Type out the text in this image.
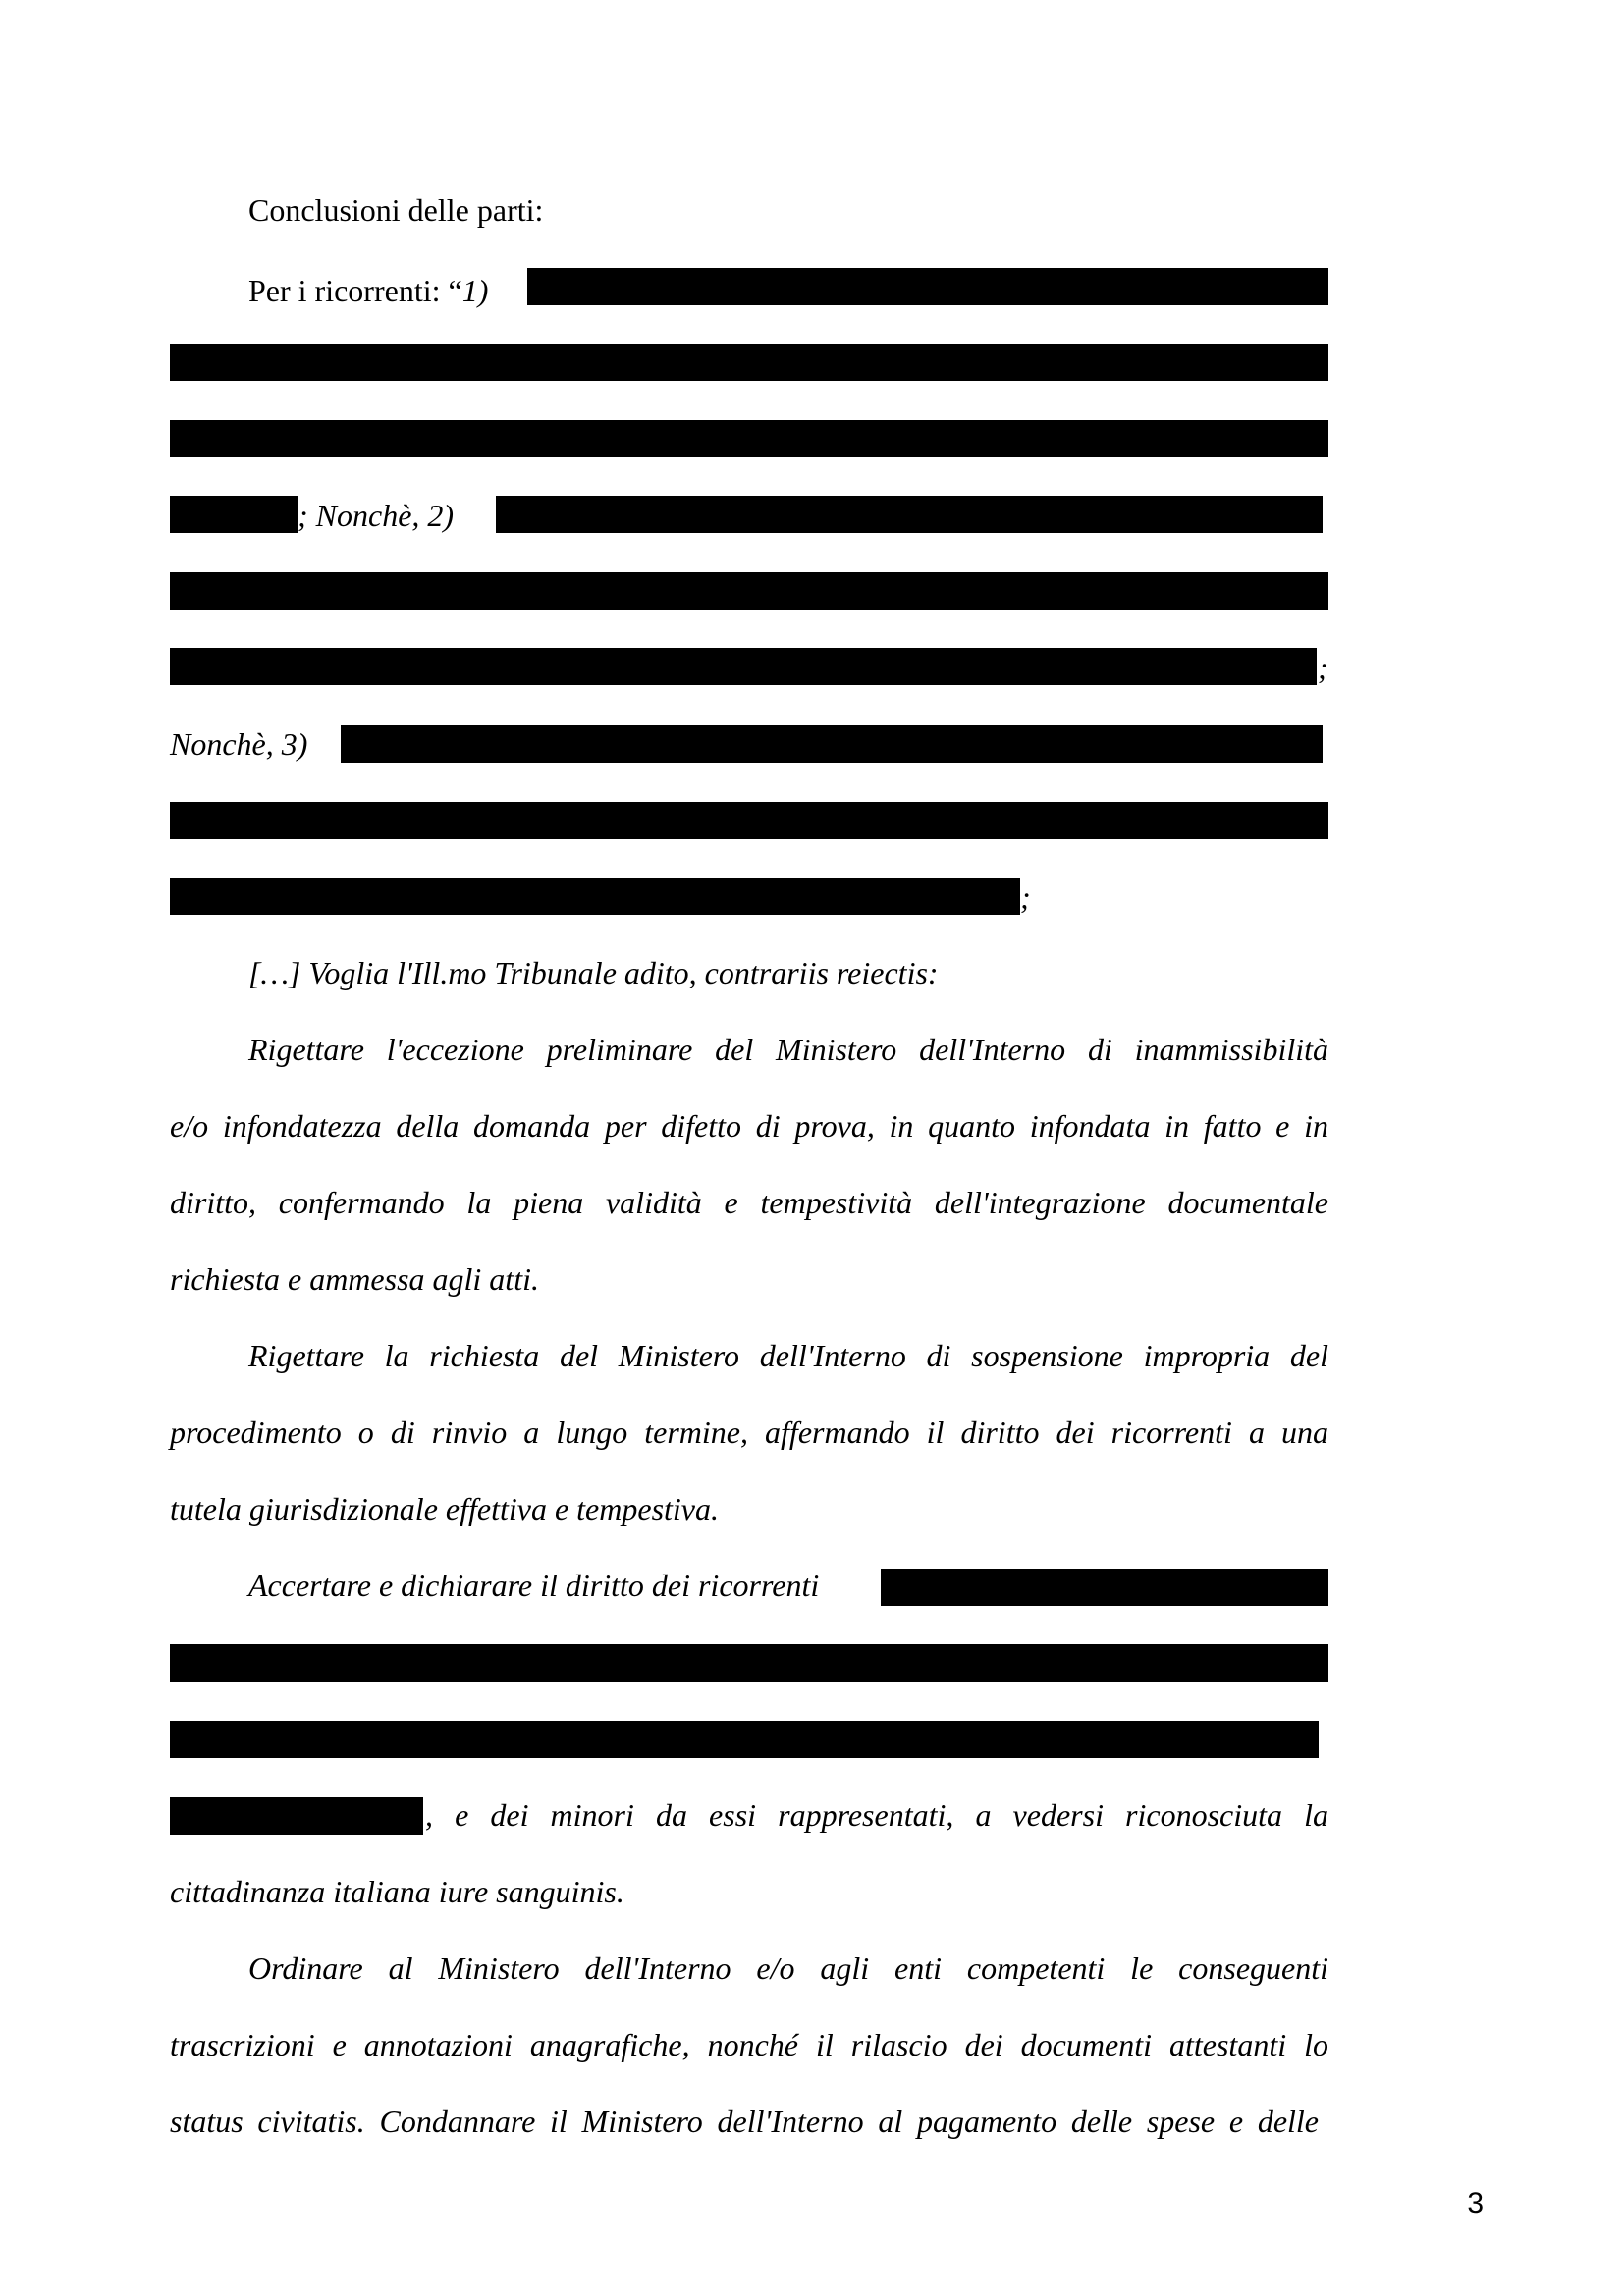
Conclusioni delle parti:
Per i ricorrenti: “1)
; Nonchè, 2)
;
Nonchè, 3)
;
[…] Voglia l'Ill.mo Tribunale adito, contrariis reiectis:
Rigettare l'eccezione preliminare del Ministero dell'Interno di inammissibilità
e/o infondatezza della domanda per difetto di prova, in quanto infondata in fatto e in
diritto, confermando la piena validità e tempestività dell'integrazione documentale
richiesta e ammessa agli atti.
Rigettare la richiesta del Ministero dell'Interno di sospensione impropria del
procedimento o di rinvio a lungo termine, affermando il diritto dei ricorrenti a una
tutela giurisdizionale effettiva e tempestiva.
Accertare e dichiarare il diritto dei ricorrenti
, e dei minori da essi rappresentati, a vedersi riconosciuta la
cittadinanza italiana iure sanguinis.
Ordinare al Ministero dell'Interno e/o agli enti competenti le conseguenti
trascrizioni e annotazioni anagrafiche, nonché il rilascio dei documenti attestanti lo
status civitatis. Condannare il Ministero dell'Interno al pagamento delle spese e delle
3
